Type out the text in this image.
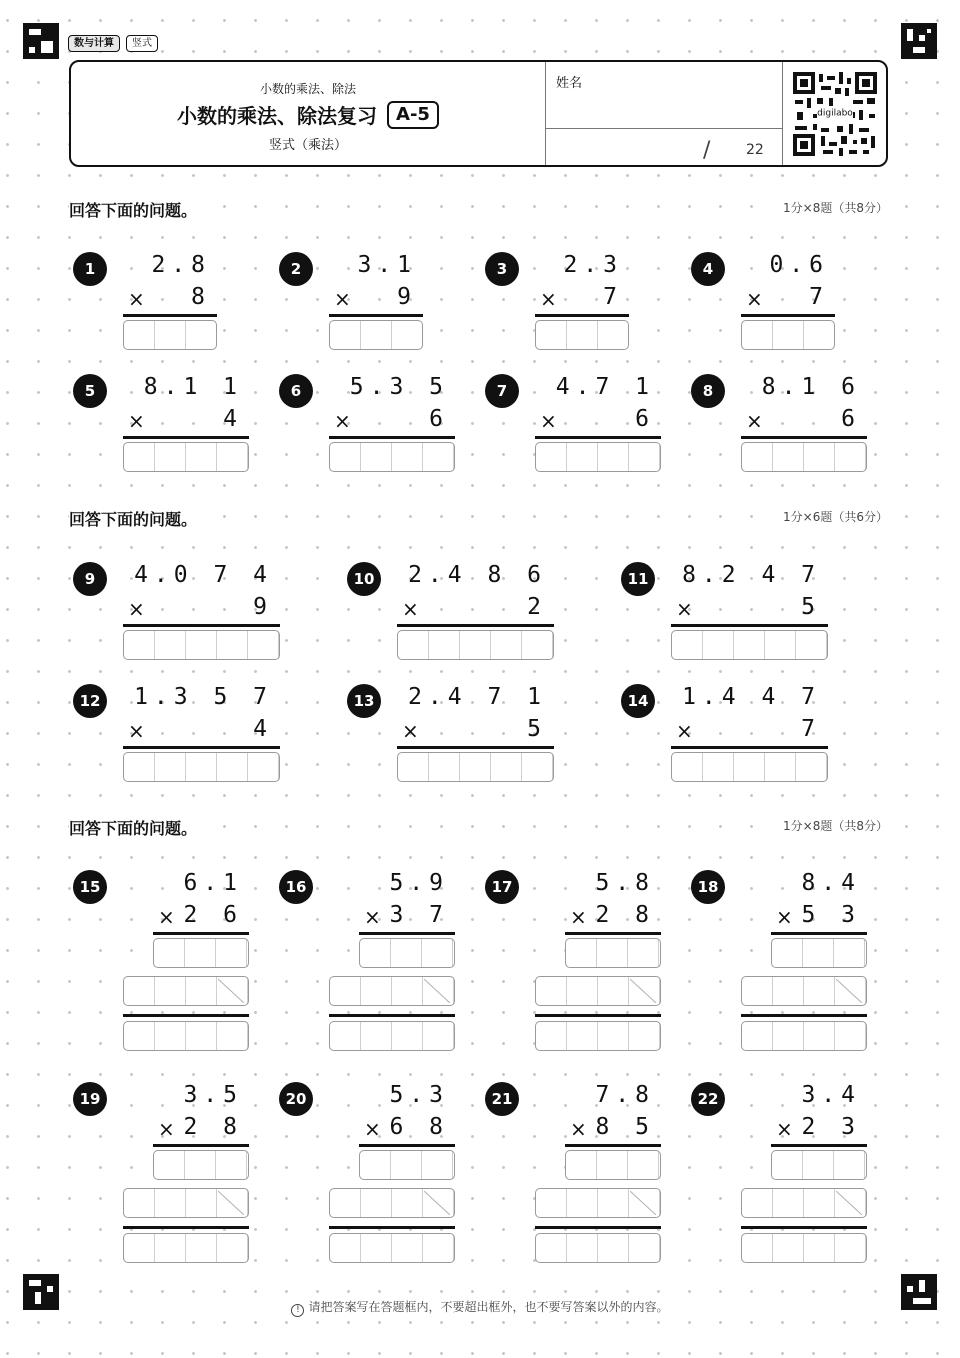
数与计算	竖式
小数的乘法、除法
小数的乘法、除法复习	A-5
竖式（乘法）
姓名
/	22
digilabo
回答下面的问题。	1分×8题（共8分）
回答下面的问题。	1分×6题（共6分）
回答下面的问题。	1分×8题（共8分）
1	2.8
8
×
2	3.1
9
×
3	2.3
7
×
4	0.6
7
×
5	8.1 1
4
×
6	5.3 5
6
×
7	4.7 1
6
×
8	8.1 6
6
×
9	4.0 7 4
9
×
10 2.4 8 6
2
×
11 8.2 4 7
5
×
12 1.3 5 7
4
×
13 2.4 7 1
5
×
14 1.4 4 7
7
×
15	6.1
2 6
×
16	5.9
3 7
×
17	5.8
2 8
×
18	8.4
5 3
×
19	3.5
2 8
×
20	5.3
6 8
×
21	7.8
8 5
×
22	3.4
2 3
×
! 请把答案写在答题框内，不要超出框外，也不要写答案以外的内容。
